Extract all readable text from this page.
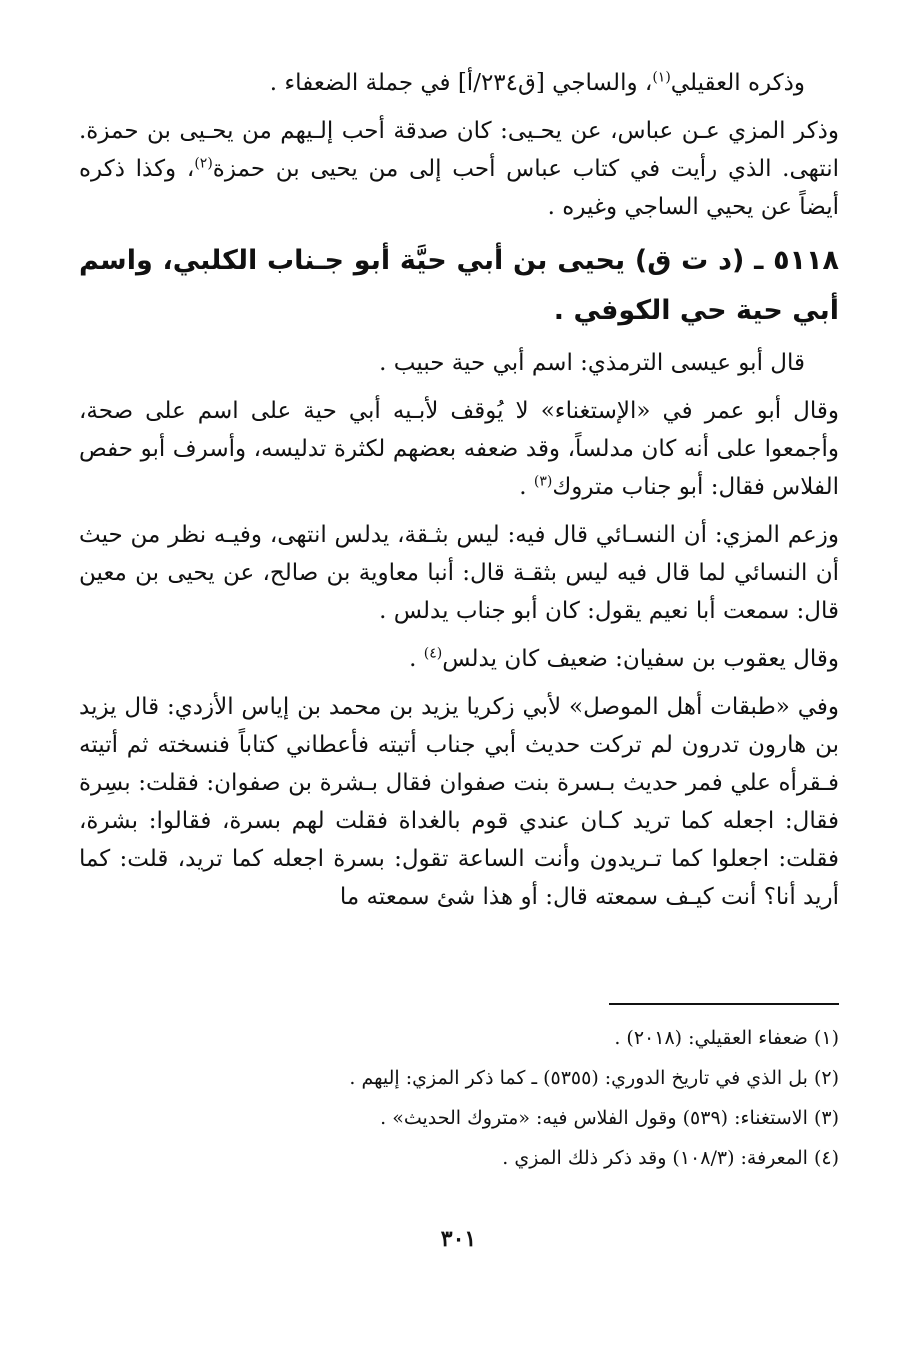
وذكره العقيلي$^{(١)}$، والساجي [ق٢٣٤/أ] في جملة الضعفاء .

وذكر المزي عـن عباس، عن يحـيى: كان صدقة أحب إلـيهم من يحـيى بن حمزة. انتهى. الذي رأيت في كتاب عباس أحب إلى من يحيى بن حمزة$^{(٢)}$، وكذا ذكره أيضاً عن يحيي الساجي وغيره .

٥١١٨ ـ (د ت ق) يحيى بن أبي حيَّة أبو جـناب الكلبي، واسم أبي حية حي الكوفي .

قال أبو عيسى الترمذي: اسم أبي حية حبيب .

وقال أبو عمر في «الإستغناء» لا يُوقف لأبـيه أبي حية على اسم على صحة، وأجمعوا على أنه كان مدلساً، وقد ضعفه بعضهم لكثرة تدليسه، وأسرف أبو حفص الفلاس فقال: أبو جناب متروك$^{(٣)}$ .

وزعم المزي: أن النسـائي قال فيه: ليس بثـقة، يدلس انتهى، وفيـه نظر من حيث أن النسائي لما قال فيه ليس بثقـة قال: أنبا معاوية بن صالح، عن يحيى بن معين قال: سمعت أبا نعيم يقول: كان أبو جناب يدلس .

وقال يعقوب بن سفيان: ضعيف كان يدلس$^{(٤)}$ .

وفي «طبقات أهل الموصل» لأبي زكريا يزيد بن محمد بن إياس الأزدي: قال يزيد بن هارون تدرون لم تركت حديث أبي جناب أتيته فأعطاني كتاباً فنسخته ثم أتيته فـقرأه علي فمر حديث بـسرة بنت صفوان فقال بـشرة بن صفوان: فقلت: بسِرة فقال: اجعله كما تريد كـان عندي قوم بالغداة فقلت لهم بسرة، فقالوا: بشرة، فقلت: اجعلوا كما تـريدون وأنت الساعة تقول: بسرة اجعله كما تريد، قلت: كما أريد أنا؟ أنت كيـف سمعته قال: أو هذا شئ سمعته ما

(١) ضعفاء العقيلي: (٢٠١٨) .

(٢) بل الذي في تاريخ الدوري: (٥٣٥٥) ـ كما ذكر المزي: إليهم .

(٣) الاستغناء: (٥٣٩) وقول الفلاس فيه: «متروك الحديث» .

(٤) المعرفة: (١٠٨/٣) وقد ذكر ذلك المزي .

٣٠١
